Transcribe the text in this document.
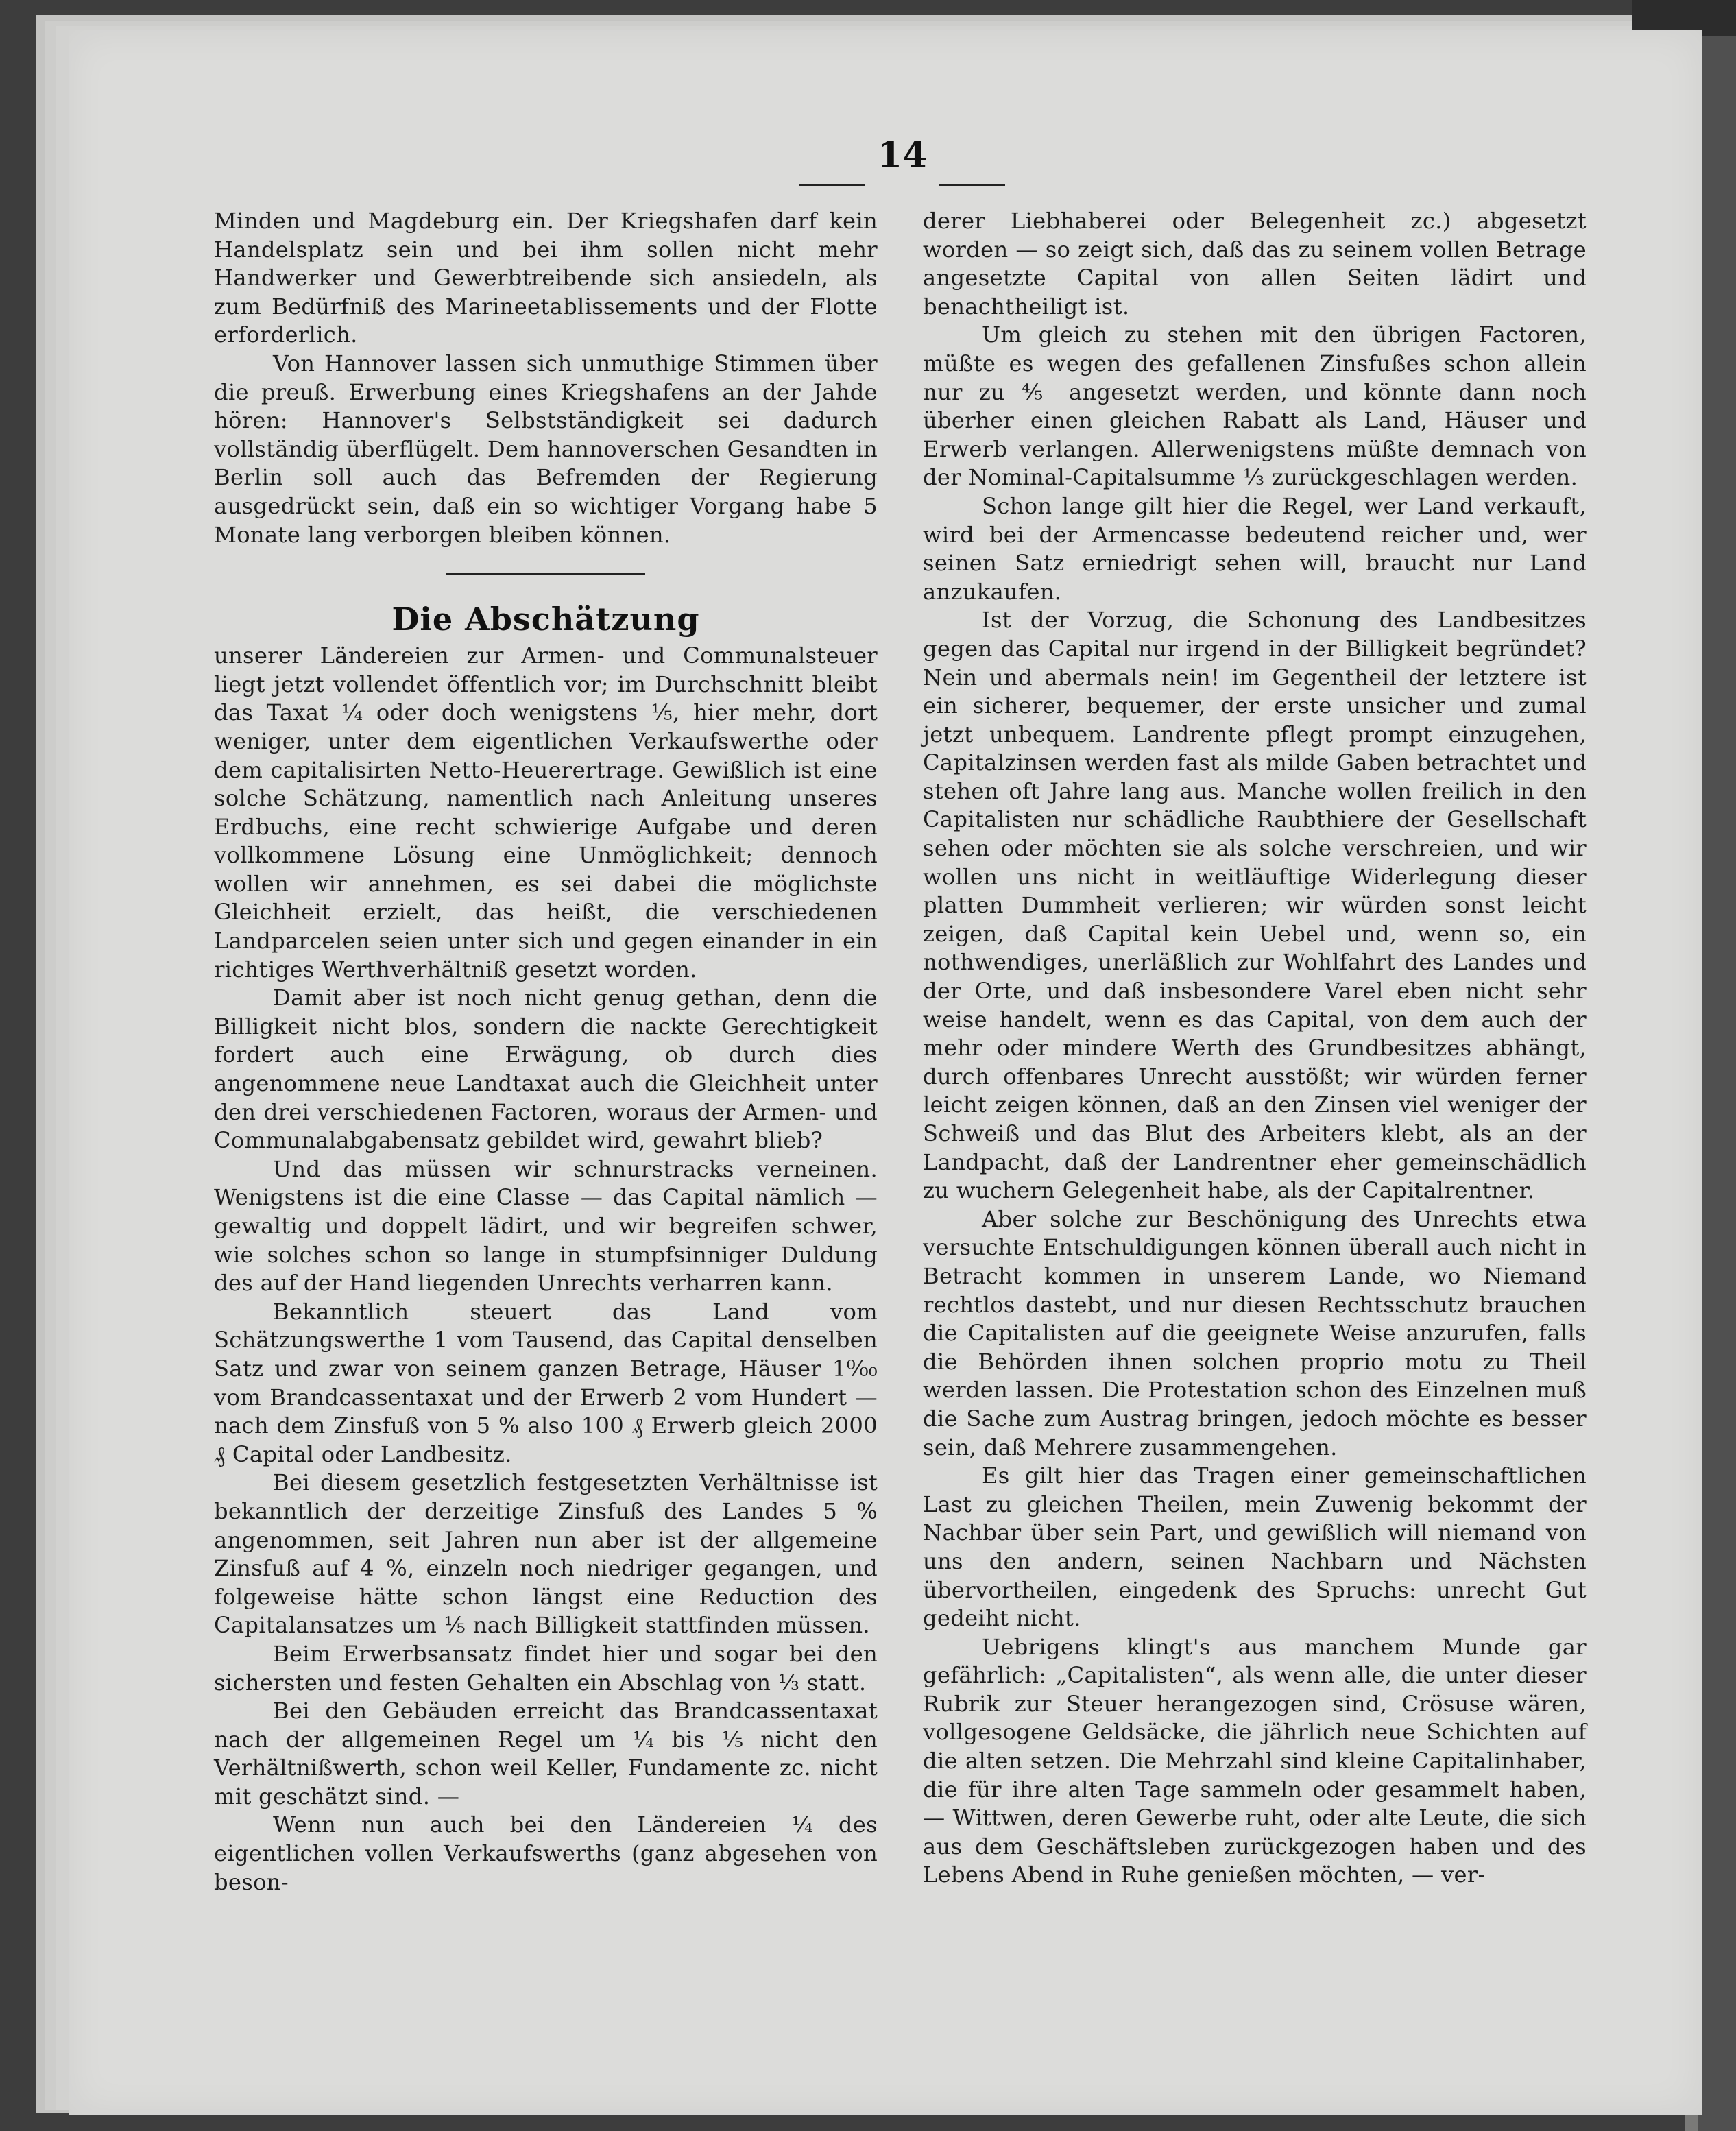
14

Minden und Magdeburg ein. Der Kriegshafen darf kein Handelsplatz sein und bei ihm sollen nicht mehr Handwerker und Gewerbtreibende sich ansiedeln, als zum Bedürfniß des Marineetablissements und der Flotte erforderlich.

Von Hannover lassen sich unmuthige Stimmen über die preuß. Erwerbung eines Kriegshafens an der Jahde hören: Hannover's Selbstständigkeit sei dadurch vollständig überflügelt. Dem hannoverschen Gesandten in Berlin soll auch das Befremden der Regierung ausgedrückt sein, daß ein so wichtiger Vorgang habe 5 Monate lang verborgen bleiben können.

Die Abschätzung

unserer Ländereien zur Armen- und Communalsteuer liegt jetzt vollendet öffentlich vor; im Durchschnitt bleibt das Taxat ¼ oder doch wenigstens ⅕, hier mehr, dort weniger, unter dem eigentlichen Verkaufswerthe oder dem capitalisirten Netto-Heuerertrage. Gewißlich ist eine solche Schätzung, namentlich nach Anleitung unseres Erdbuchs, eine recht schwierige Aufgabe und deren vollkommene Lösung eine Unmöglichkeit; dennoch wollen wir annehmen, es sei dabei die möglichste Gleichheit erzielt, das heißt, die verschiedenen Landparcelen seien unter sich und gegen einander in ein richtiges Werthverhältniß gesetzt worden.

Damit aber ist noch nicht genug gethan, denn die Billigkeit nicht blos, sondern die nackte Gerechtigkeit fordert auch eine Erwägung, ob durch dies angenommene neue Landtaxat auch die Gleichheit unter den drei verschiedenen Factoren, woraus der Armen- und Communalabgabensatz gebildet wird, gewahrt blieb?

Und das müssen wir schnurstracks verneinen. Wenigstens ist die eine Classe — das Capital nämlich — gewaltig und doppelt lädirt, und wir begreifen schwer, wie solches schon so lange in stumpfsinniger Duldung des auf der Hand liegenden Unrechts verharren kann.

Bekanntlich steuert das Land vom Schätzungswerthe 1 vom Tausend, das Capital denselben Satz und zwar von seinem ganzen Betrage, Häuser 1⁰⁄₀₀ vom Brandcassentaxat und der Erwerb 2 vom Hundert — nach dem Zinsfuß von 5 % also 100 ₰ Erwerb gleich 2000 ₰ Capital oder Landbesitz.

Bei diesem gesetzlich festgesetzten Verhältnisse ist bekanntlich der derzeitige Zinsfuß des Landes 5 % angenommen, seit Jahren nun aber ist der allgemeine Zinsfuß auf 4 %, einzeln noch niedriger gegangen, und folgeweise hätte schon längst eine Reduction des Capitalansatzes um ⅕ nach Billigkeit stattfinden müssen.

Beim Erwerbsansatz findet hier und sogar bei den sichersten und festen Gehalten ein Abschlag von ⅓ statt.

Bei den Gebäuden erreicht das Brandcassentaxat nach der allgemeinen Regel um ¼ bis ⅕ nicht den Verhältnißwerth, schon weil Keller, Fundamente zc. nicht mit geschätzt sind. —

Wenn nun auch bei den Ländereien ¼ des eigentlichen vollen Verkaufswerths (ganz abgesehen von beson-

derer Liebhaberei oder Belegenheit zc.) abgesetzt worden — so zeigt sich, daß das zu seinem vollen Betrage angesetzte Capital von allen Seiten lädirt und benachtheiligt ist.

Um gleich zu stehen mit den übrigen Factoren, müßte es wegen des gefallenen Zinsfußes schon allein nur zu ⅘ angesetzt werden, und könnte dann noch überher einen gleichen Rabatt als Land, Häuser und Erwerb verlangen. Allerwenigstens müßte demnach von der Nominal-Capitalsumme ⅓ zurückgeschlagen werden.

Schon lange gilt hier die Regel, wer Land verkauft, wird bei der Armencasse bedeutend reicher und, wer seinen Satz erniedrigt sehen will, braucht nur Land anzukaufen.

Ist der Vorzug, die Schonung des Landbesitzes gegen das Capital nur irgend in der Billigkeit begründet? Nein und abermals nein! im Gegentheil der letztere ist ein sicherer, bequemer, der erste unsicher und zumal jetzt unbequem. Landrente pflegt prompt einzugehen, Capitalzinsen werden fast als milde Gaben betrachtet und stehen oft Jahre lang aus. Manche wollen freilich in den Capitalisten nur schädliche Raubthiere der Gesellschaft sehen oder möchten sie als solche verschreien, und wir wollen uns nicht in weitläuftige Widerlegung dieser platten Dummheit verlieren; wir würden sonst leicht zeigen, daß Capital kein Uebel und, wenn so, ein nothwendiges, unerläßlich zur Wohlfahrt des Landes und der Orte, und daß insbesondere Varel eben nicht sehr weise handelt, wenn es das Capital, von dem auch der mehr oder mindere Werth des Grundbesitzes abhängt, durch offenbares Unrecht ausstößt; wir würden ferner leicht zeigen können, daß an den Zinsen viel weniger der Schweiß und das Blut des Arbeiters klebt, als an der Landpacht, daß der Landrentner eher gemeinschädlich zu wuchern Gelegenheit habe, als der Capitalrentner.

Aber solche zur Beschönigung des Unrechts etwa versuchte Entschuldigungen können überall auch nicht in Betracht kommen in unserem Lande, wo Niemand rechtlos dastebt, und nur diesen Rechtsschutz brauchen die Capitalisten auf die geeignete Weise anzurufen, falls die Behörden ihnen solchen proprio motu zu Theil werden lassen. Die Protestation schon des Einzelnen muß die Sache zum Austrag bringen, jedoch möchte es besser sein, daß Mehrere zusammengehen.

Es gilt hier das Tragen einer gemeinschaftlichen Last zu gleichen Theilen, mein Zuwenig bekommt der Nachbar über sein Part, und gewißlich will niemand von uns den andern, seinen Nachbarn und Nächsten übervortheilen, eingedenk des Spruchs: unrecht Gut gedeiht nicht.

Uebrigens klingt's aus manchem Munde gar gefährlich: „Capitalisten“, als wenn alle, die unter dieser Rubrik zur Steuer herangezogen sind, Crösuse wären, vollgesogene Geldsäcke, die jährlich neue Schichten auf die alten setzen. Die Mehrzahl sind kleine Capitalinhaber, die für ihre alten Tage sammeln oder gesammelt haben, — Wittwen, deren Gewerbe ruht, oder alte Leute, die sich aus dem Geschäftsleben zurückgezogen haben und des Lebens Abend in Ruhe genießen möchten, — ver-
